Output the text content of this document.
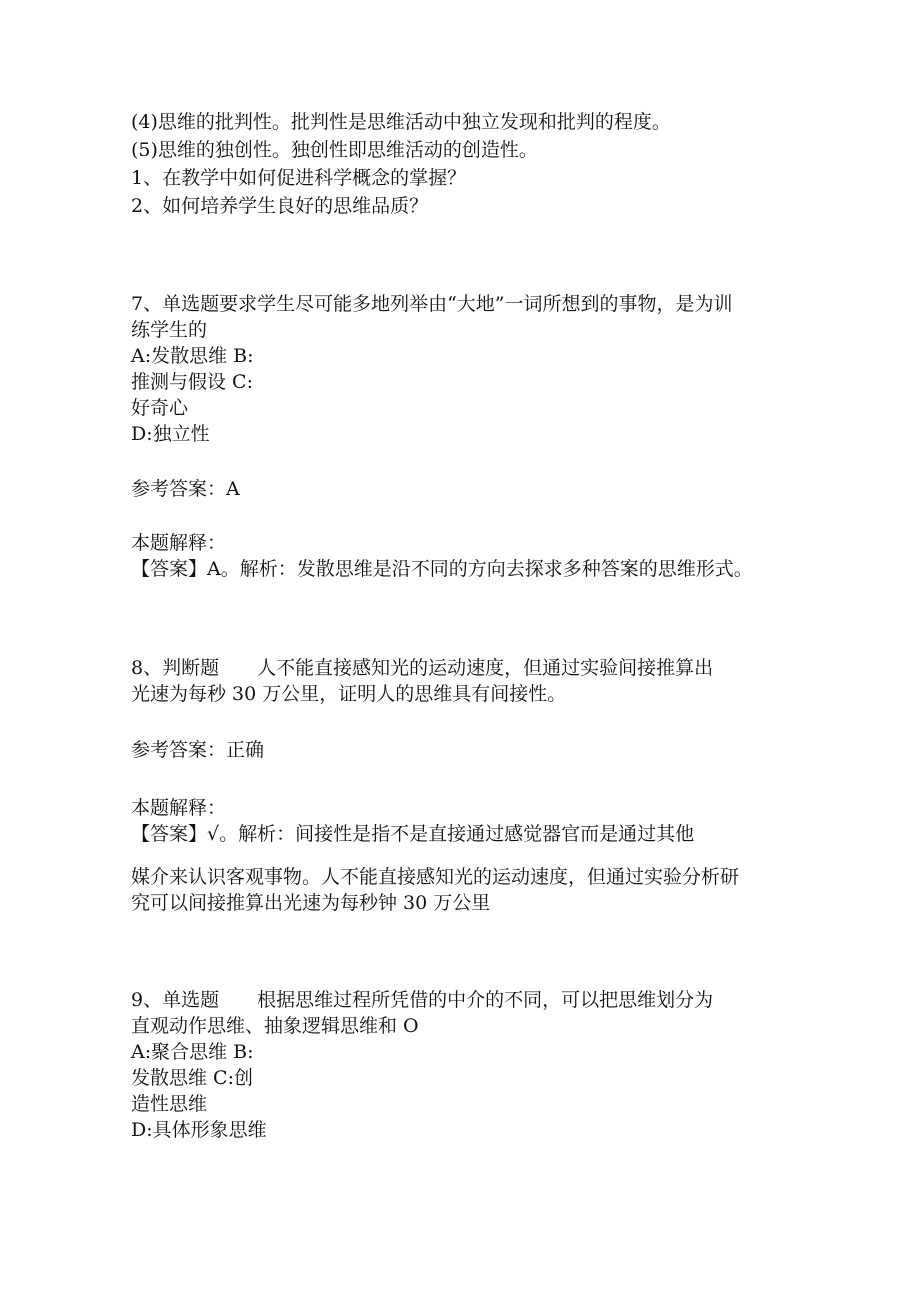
(4)思维的批判性。批判性是思维活动中独立发现和批判的程度。
(5)思维的独创性。独创性即思维活动的创造性。
1、在教学中如何促进科学概念的掌握？
2、如何培养学生良好的思维品质？
7、单选题要求学生尽可能多地列举由“大地”一词所想到的事物，是为训
练学生的
A:发散思维 B:
推测与假设 C:
好奇心
D:独立性
参考答案：A
本题解释：
【答案】A。解析：发散思维是沿不同的方向去探求多种答案的思维形式。
8、判断题　　人不能直接感知光的运动速度，但通过实验间接推算出
光速为每秒 30 万公里，证明人的思维具有间接性。
参考答案：正确
本题解释：
【答案】√。解析：间接性是指不是直接通过感觉器官而是通过其他
媒介来认识客观事物。人不能直接感知光的运动速度，但通过实验分析研
究可以间接推算出光速为每秒钟 30 万公里
9、单选题　　根据思维过程所凭借的中介的不同，可以把思维划分为
直观动作思维、抽象逻辑思维和 O
A:聚合思维 B:
发散思维 C:创
造性思维
D:具体形象思维
